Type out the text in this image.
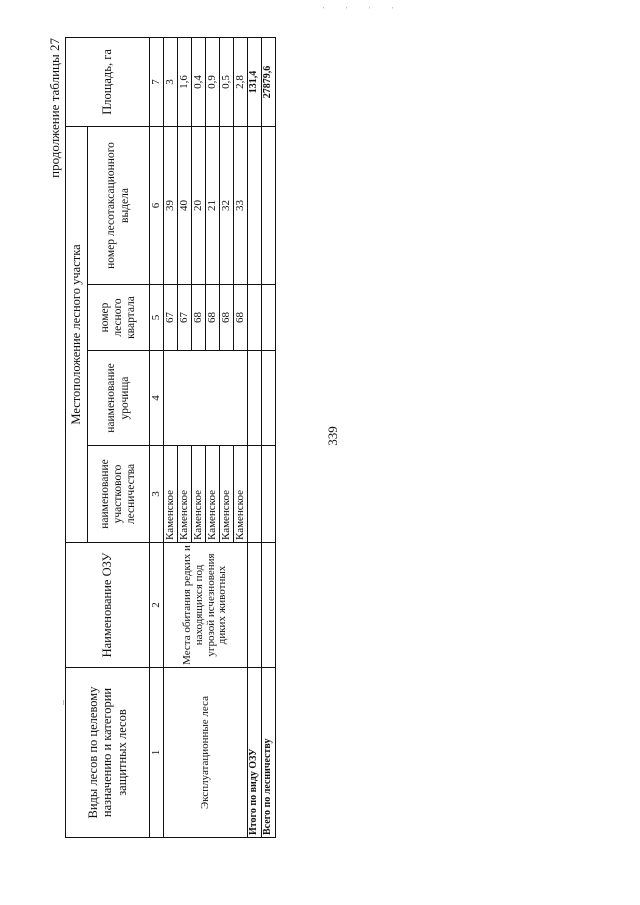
' ' ' '
339
продолжение таблицы 27
Виды лесов по целевому назначению и категории защитных лесов	Наименование ОЗУ	Местоположение лесного участка				Площадь, га
		наименование участкового лесничества	наименование урочища	номер лесного квартала	номер лесотаксационного выдела	
1	2	3	4	5	6	7
Эксплуатационные леса	Места обитания редких и находящихся под угрозой исчезновения диких животных	Каменское		67	39	3
		Каменское		67	40	1,6
		Каменское		68	20	0,4
		Каменское		68	21	0,9
		Каменское		68	32	0,5
		Каменское		68	33	2,8
Итого по виду ОЗУ						131,4
Всего по лесничеству						27879,6
